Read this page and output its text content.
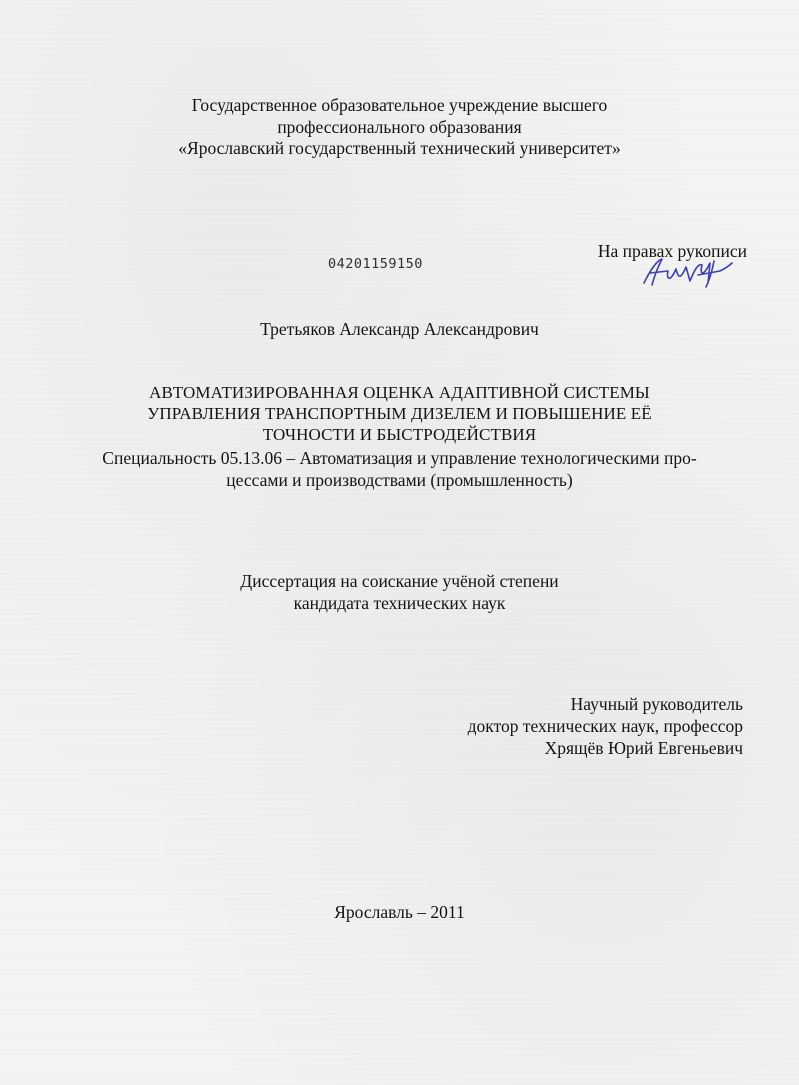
Государственное образовательное учреждение высшего
профессионального образования
«Ярославский государственный технический университет»
На правах рукописи
04201159150
Третьяков Александр Александрович
АВТОМАТИЗИРОВАННАЯ ОЦЕНКА АДАПТИВНОЙ СИСТЕМЫ
УПРАВЛЕНИЯ ТРАНСПОРТНЫМ ДИЗЕЛЕМ И ПОВЫШЕНИЕ ЕЁ
ТОЧНОСТИ И БЫСТРОДЕЙСТВИЯ
Специальность 05.13.06 – Автоматизация и управление технологическими про-
цессами и производствами (промышленность)
Диссертация на соискание учёной степени
кандидата технических наук
Научный руководитель
доктор технических наук, профессор
Хрящёв Юрий Евгеньевич
Ярославль – 2011
